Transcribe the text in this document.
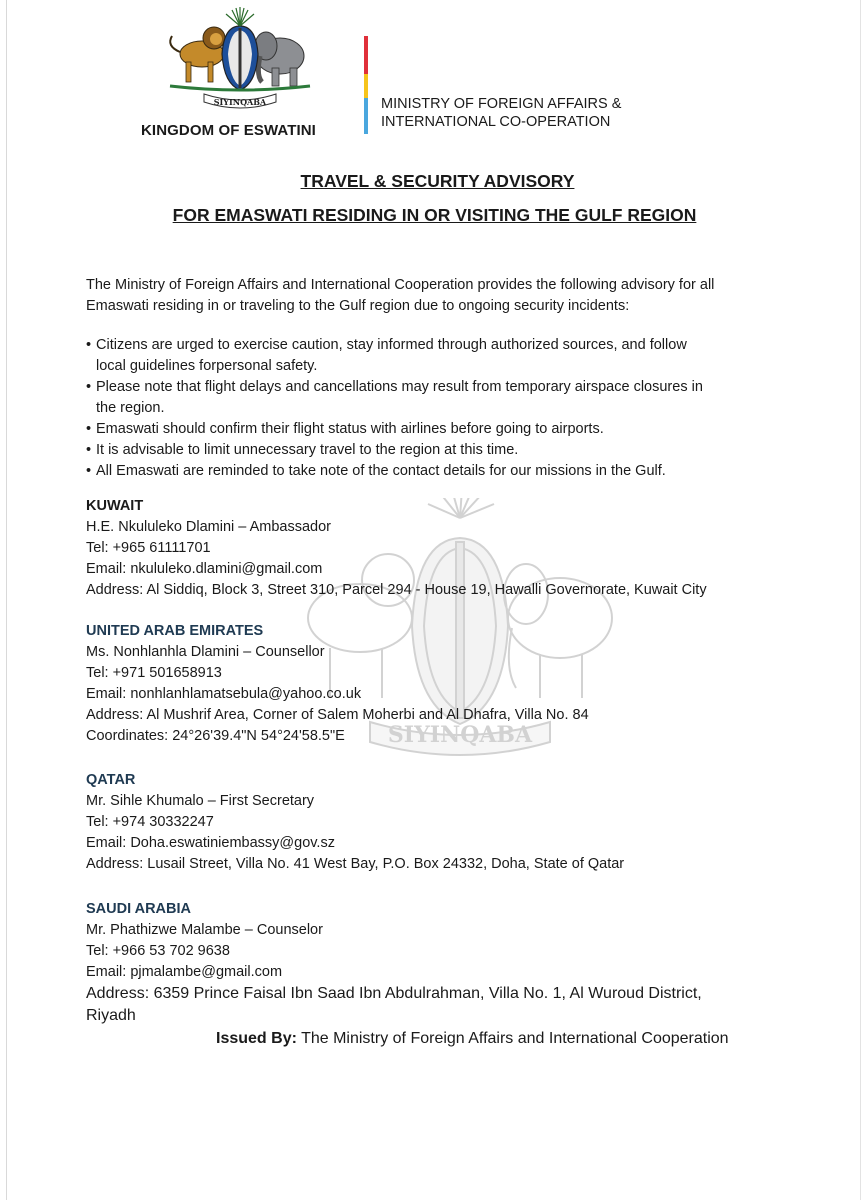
SIYINQABA
KINGDOM OF ESWATINI
MINISTRY OF FOREIGN AFFAIRS &
INTERNATIONAL CO-OPERATION
TRAVEL & SECURITY ADVISORY
FOR EMASWATI RESIDING IN OR VISITING THE GULF REGION
The Ministry of Foreign Affairs and International Cooperation provides the following advisory for all
Emaswati residing in or traveling to the Gulf region due to ongoing security incidents:
• Citizens are urged to exercise caution, stay informed through authorized sources, and follow
local guidelines forpersonal safety.
• Please note that flight delays and cancellations may result from temporary airspace closures in
the region.
• Emaswati should confirm their flight status with airlines before going to airports.
• It is advisable to limit unnecessary travel to the region at this time.
• All Emaswati are reminded to take note of the contact details for our missions in the Gulf.
SIYINQABA
KUWAIT
H.E. Nkululeko Dlamini – Ambassador
Tel: +965 61111701
Email: nkululeko.dlamini@gmail.com
Address: Al Siddiq, Block 3, Street 310, Parcel 294 - House 19, Hawalli Governorate, Kuwait City
UNITED ARAB EMIRATES
Ms. Nonhlanhla Dlamini – Counsellor
Tel: +971 501658913
Email: nonhlanhlamatsebula@yahoo.co.uk
Address: Al Mushrif Area, Corner of Salem Moherbi and Al Dhafra, Villa No. 84
Coordinates: 24°26'39.4"N 54°24'58.5"E
QATAR
Mr. Sihle Khumalo – First Secretary
Tel: +974 30332247
Email: Doha.eswatiniembassy@gov.sz
Address: Lusail Street, Villa No. 41 West Bay, P.O. Box 24332, Doha, State of Qatar
SAUDI ARABIA
Mr. Phathizwe Malambe – Counselor
Tel: +966 53 702 9638
Email: pjmalambe@gmail.com
Address: 6359 Prince Faisal Ibn Saad Ibn Abdulrahman, Villa No. 1, Al Wuroud District,
Riyadh
Issued By: The Ministry of Foreign Affairs and International Cooperation
